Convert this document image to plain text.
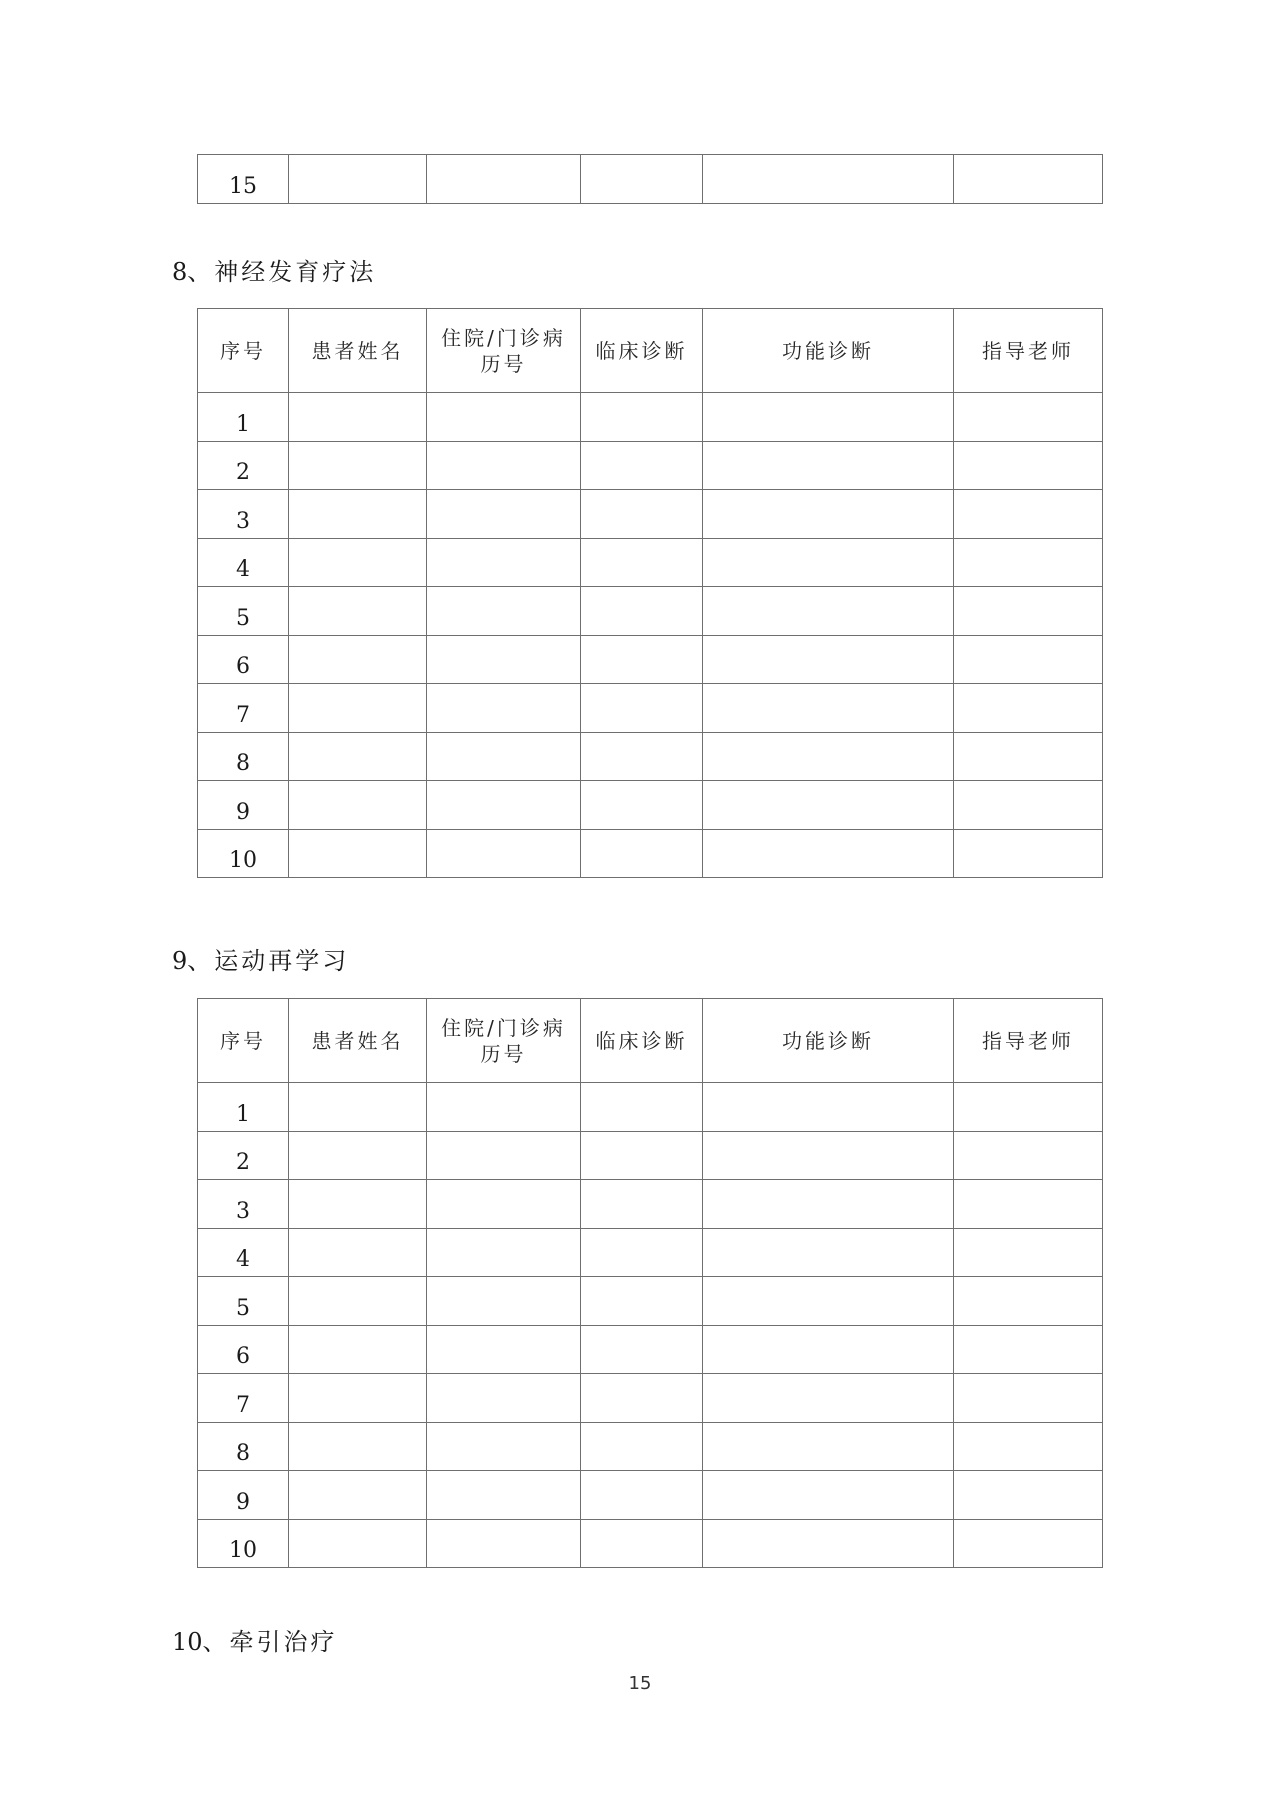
15					
8、神经发育疗法
序号	患者姓名	住院/门诊病历号	临床诊断	功能诊断	指导老师
1					
2					
3					
4					
5					
6					
7					
8					
9					
10					
9、运动再学习
序号	患者姓名	住院/门诊病历号	临床诊断	功能诊断	指导老师
1					
2					
3					
4					
5					
6					
7					
8					
9					
10					
10、牵引治疗
15
